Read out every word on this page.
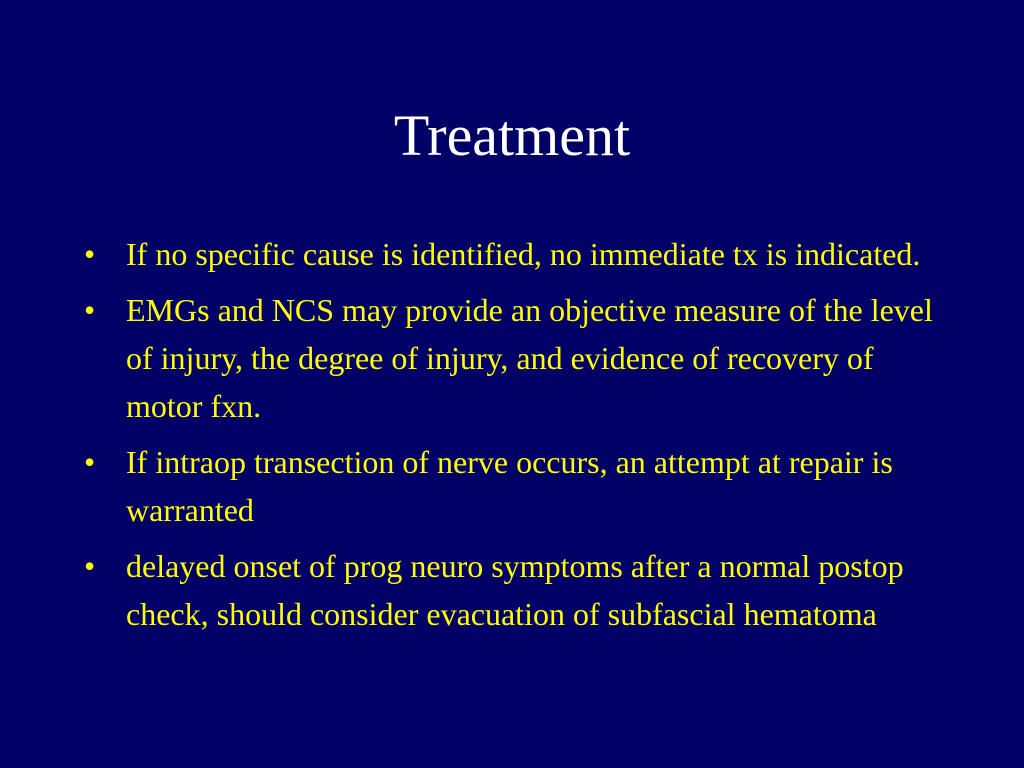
Treatment
• If no specific cause is identified, no immediate tx is indicated.
• EMGs and NCS may provide an objective measure of the level of injury, the degree of injury, and evidence of recovery of motor fxn.
• If intraop transection of nerve occurs, an attempt at repair is warranted
• delayed onset of prog neuro symptoms after a normal postop check, should consider evacuation of subfascial hematoma
